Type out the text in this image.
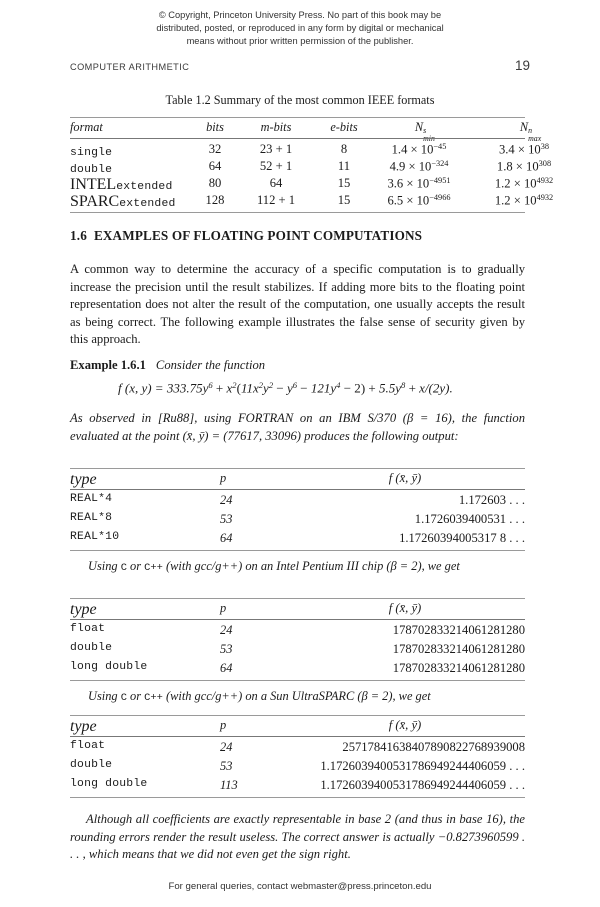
© Copyright, Princeton University Press. No part of this book may be
distributed, posted, or reproduced in any form by digital or mechanical
means without prior written permission of the publisher.
COMPUTER ARITHMETIC	19
Table 1.2 Summary of the most common IEEE formats
format	bits	m-bits	e-bits	N s	N n
max
single	32	23 + 1	8	$1.4 \times 10^{-45}$	$3.4 \times 10^{38}$
double	64	52 + 1	11	$4.9 \times 10^{-324}$	$1.8 \times 10^{308}$
INTELextended	80	64	15	$3.6 \times 10^{-4951}$	$1.2 \times 10^{4932}$
SPARCextended	128	112 + 1	15	$6.5 \times 10^{-4966}$	$1.2 \times 10^{4932}$
1.6 EXAMPLES OF FLOATING POINT COMPUTATIONS
A common way to determine the accuracy of a specific computation is to gradually increase the precision until the result stabilizes. If adding more bits to the floating point representation does not alter the result of the computation, one usually accepts the result as being correct. The following example illustrates the false sense of security given by this approach.
Example 1.6.1 Consider the function
f (x, $y) = 333.75y^6 + x^2(11x^2y^2 - y^6 - 121y^4 - 2) + 5.5y^8 + x/(2y)$.
As observed in [Ru88], using FORTRAN on an IBM S/370 (β = 16), the function evaluated at the point (x̄, ȳ) = (77617, 33096) produces the following output:
type	p	f (x̄, ȳ)
REAL*4	24	1.172603 . . .
REAL*8	53	1.1726039400531 . . .
REAL*10	64	1.17260394005317 8 . . .
Using C or C++ (with gcc/g++) on an Intel Pentium III chip (β = 2), we get
type	p	f (x̄, ȳ)
float	24	178702833214061281280
double	53	178702833214061281280
long double	64	178702833214061281280
Using C or C++ (with gcc/g++) on a Sun UltraSPARC (β = 2), we get
type	p	f (x̄, ȳ)
float	24	25717841638407890822768939008
double	53	1.1726039400531786949244406059 . . .
long double	113	1.1726039400531786949244406059 . . .
Although all coefficients are exactly representable in base 2 (and thus in base 16), the rounding errors render the result useless. The correct answer is actually −0.8273960599 . . . , which means that we did not even get the sign right.
For general queries, contact webmaster@press.princeton.edu
